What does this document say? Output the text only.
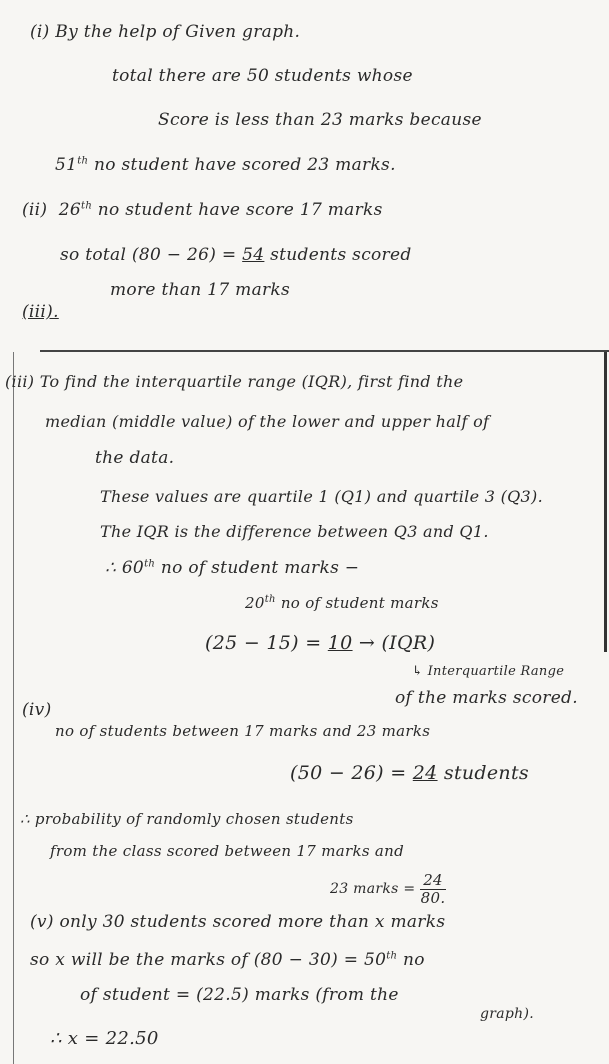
(i) By the help of Given graph.
total there are 50 students whose
Score is less than 23 marks because
51th no student have scored 23 marks.
(ii) 26th no student have score 17 marks
so total (80 − 26) = 54 students scored
more than 17 marks
(iii).
(iii) To find the interquartile range (IQR), first find the
median (middle value) of the lower and upper half of
the data.
These values are quartile 1 (Q1) and quartile 3 (Q3).
The IQR is the difference between Q3 and Q1.
∴ 60th no of student marks −
20th no of student marks
(25 − 15) = 10 → (IQR)
↳ Interquartile Range
of the marks scored.
(iv)
no of students between 17 marks and 23 marks
(50 − 26) = 24 students
∴ probability of randomly chosen students
from the class scored between 17 marks and
23 marks = $\frac{24}{80.}$
(v) only 30 students scored more than x marks
so x will be the marks of (80 − 30) = 50th no
of student = (22.5) marks (from the
graph).
∴ x = 22.50
